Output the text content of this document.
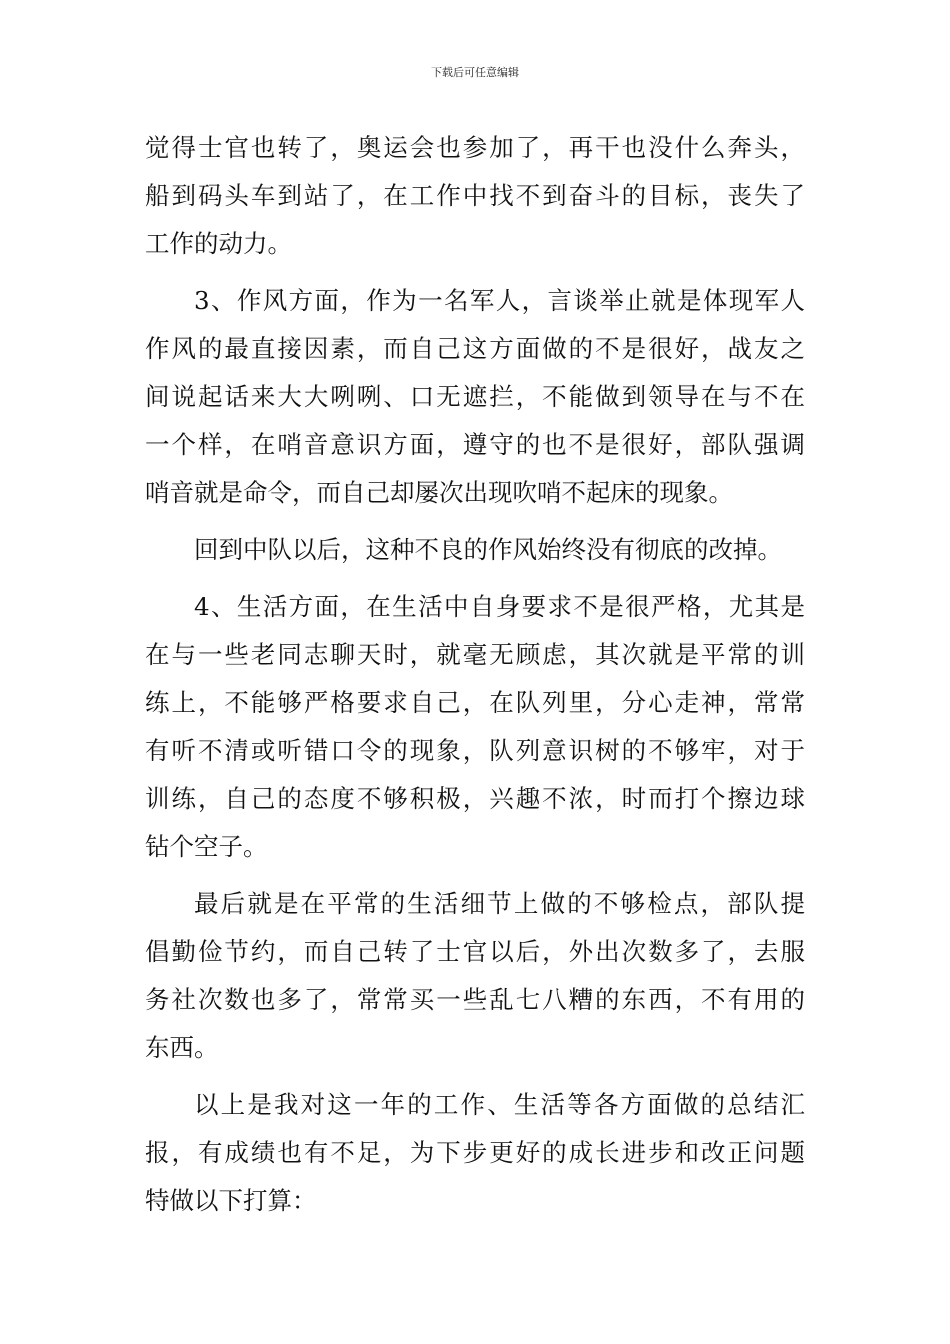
下载后可任意编辑
觉得士官也转了，奥运会也参加了，再干也没什么奔头，
船到码头车到站了，在工作中找不到奋斗的目标，丧失了
工作的动力。
3、作风方面，作为一名军人，言谈举止就是体现军人
作风的最直接因素，而自己这方面做的不是很好，战友之
间说起话来大大咧咧、口无遮拦，不能做到领导在与不在
一个样，在哨音意识方面，遵守的也不是很好，部队强调
哨音就是命令，而自己却屡次出现吹哨不起床的现象。
回到中队以后，这种不良的作风始终没有彻底的改掉。
4、生活方面，在生活中自身要求不是很严格，尤其是
在与一些老同志聊天时，就毫无顾虑，其次就是平常的训
练上，不能够严格要求自己，在队列里，分心走神，常常
有听不清或听错口令的现象，队列意识树的不够牢，对于
训练，自己的态度不够积极，兴趣不浓，时而打个擦边球
钻个空子。
最后就是在平常的生活细节上做的不够检点，部队提
倡勤俭节约，而自己转了士官以后，外出次数多了，去服
务社次数也多了，常常买一些乱七八糟的东西，不有用的
东西。
以上是我对这一年的工作、生活等各方面做的总结汇
报，有成绩也有不足，为下步更好的成长进步和改正问题
特做以下打算：
